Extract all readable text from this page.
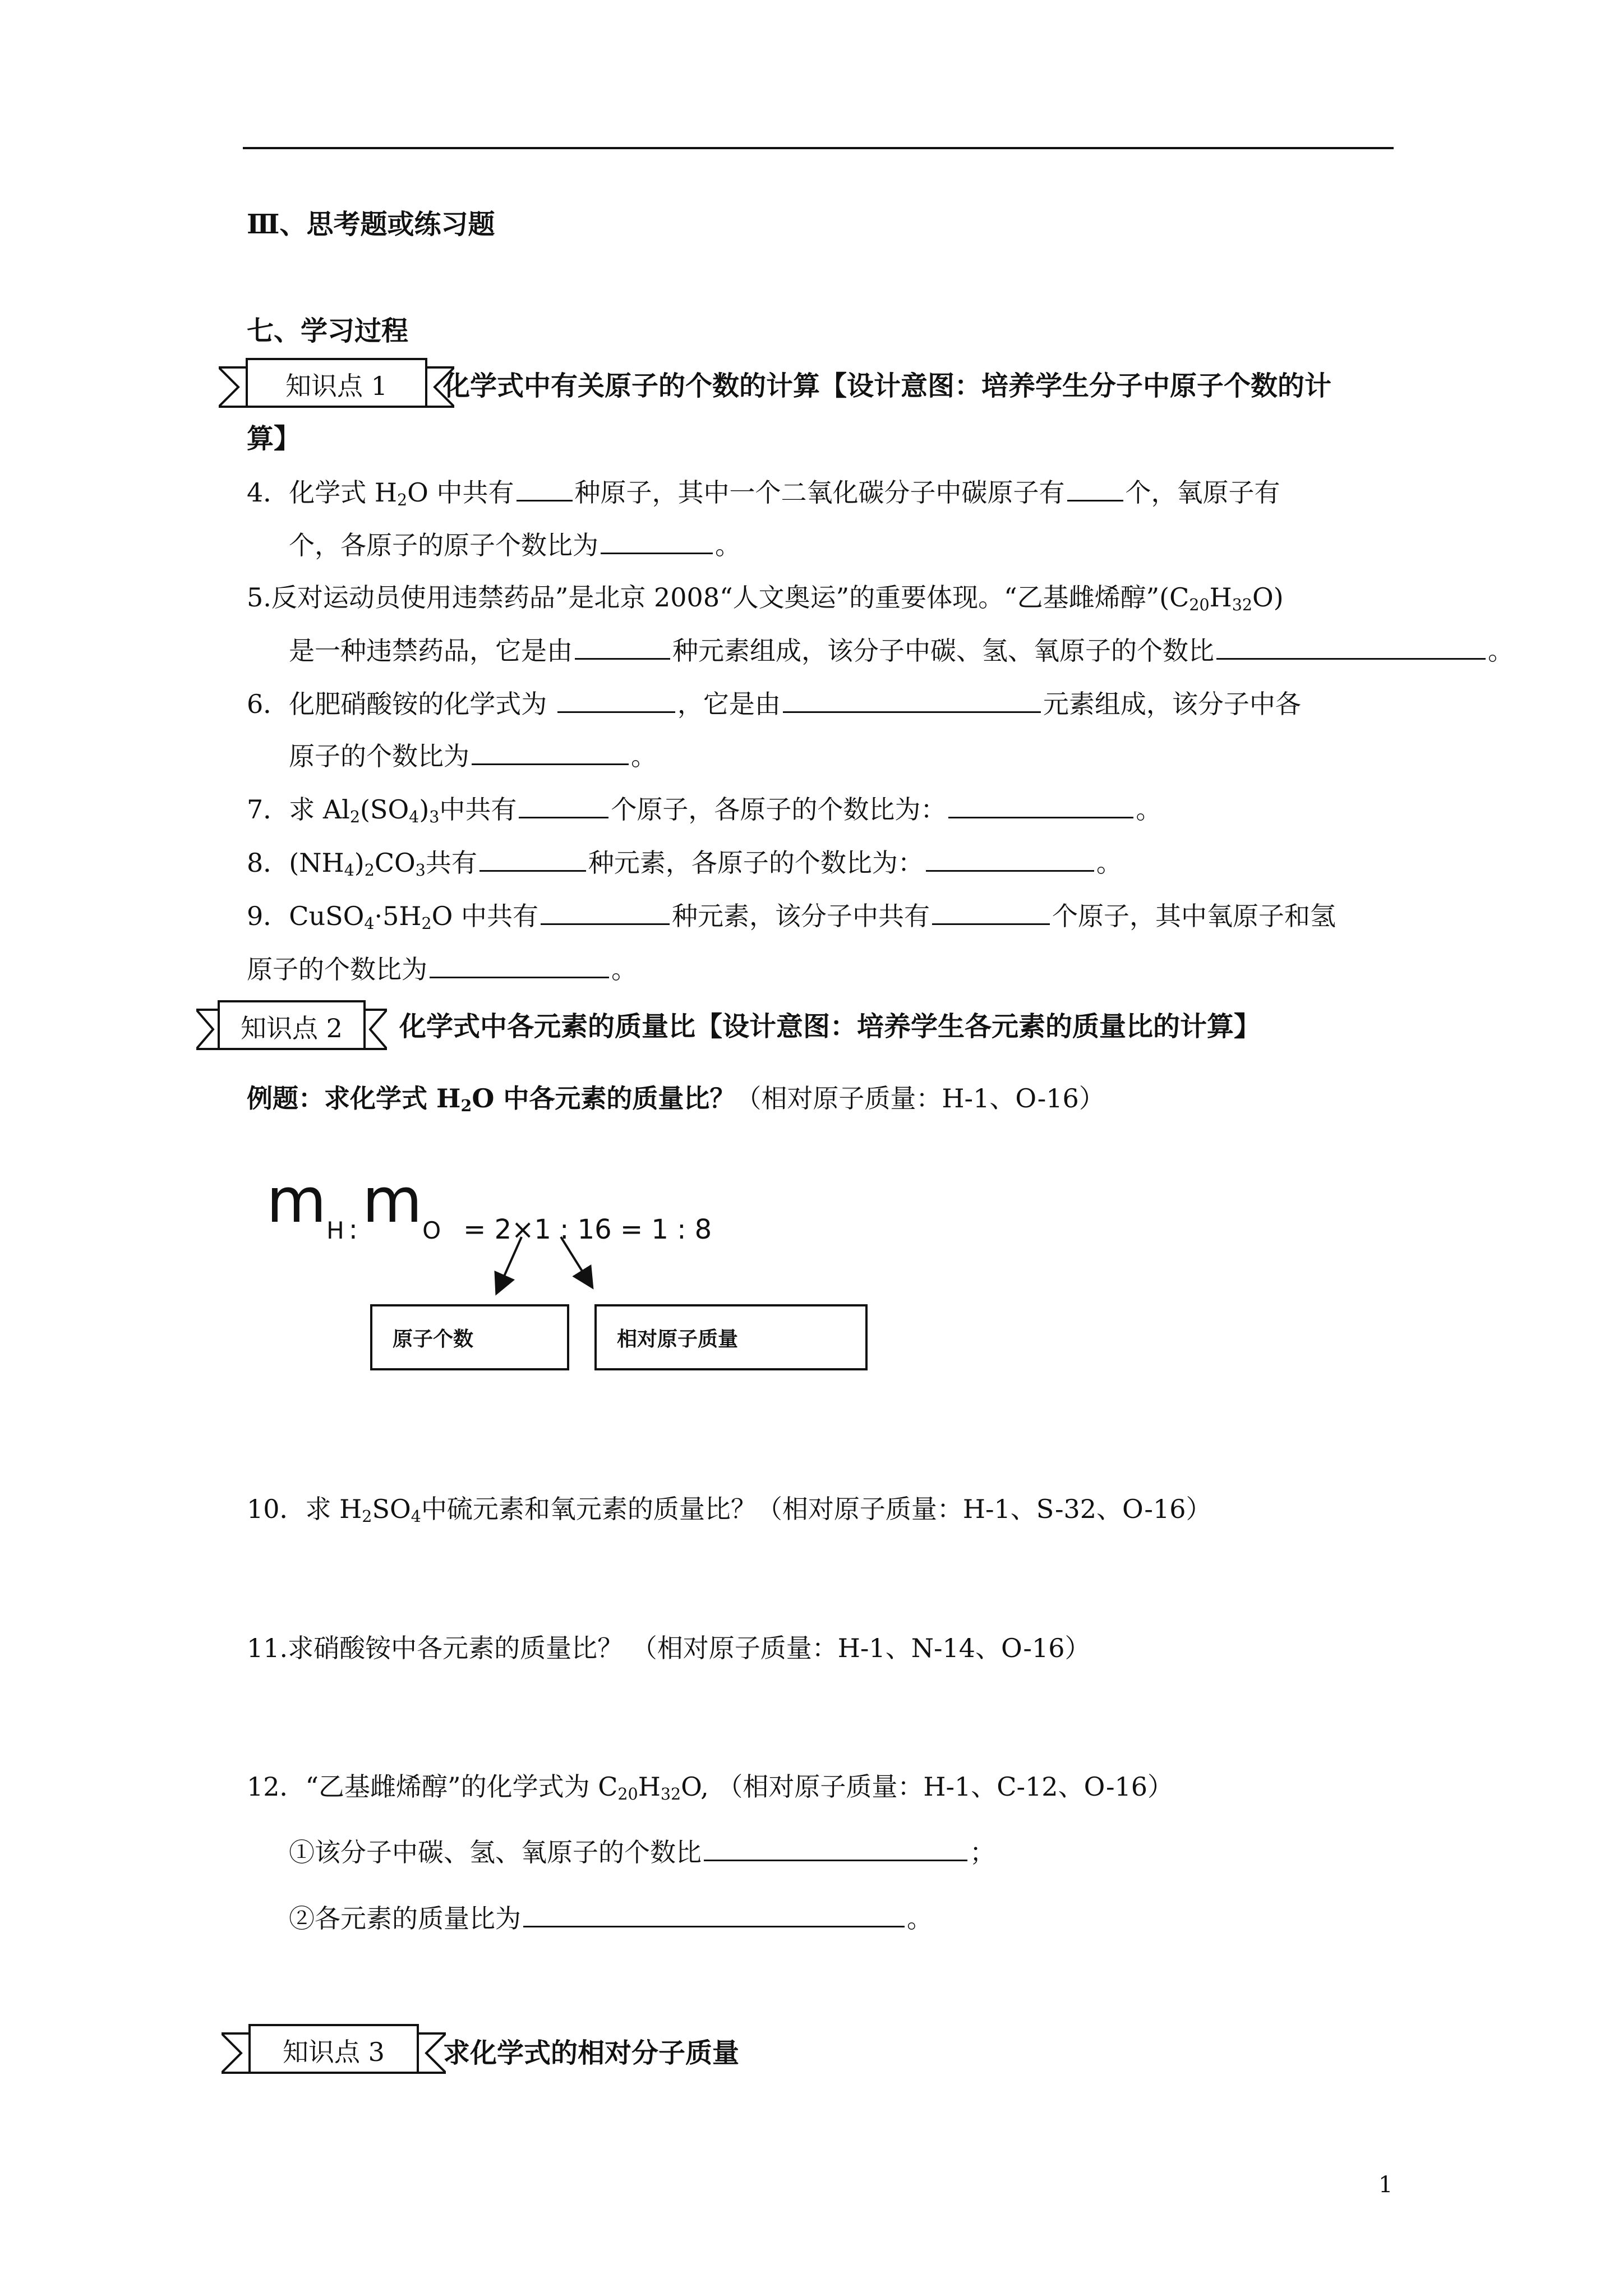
Ⅲ、思考题或练习题
七、学习过程
知识点 1	化学式中有关原子的个数的计算【设计意图：培养学生分子中原子个数的计
算】
4．化学式 $H_2O$ 中共有 种原子，其中一个二氧化碳分子中碳原子有 个，氧原子有
个，各原子的原子个数比为	。
5.反对运动员使用违禁药品”是北京 2008“人文奥运”的重要体现。“乙基雌烯醇$”(C_{20}H_{32}O)$
是一种违禁药品，它是由	种元素组成，该分子中碳、氢、氧原子的个数比	。
6．化肥硝酸铵的化学式为	，它是由	元素组成，该分子中各
原子的个数比为	。
7．求 $Al_2(SO_4)_3$中共有	个原子，各原子的个数比为：	。
8．$(NH_4)_2CO_3$共有	种元素，各原子的个数比为：	。
9．$CuSO_4\cdot 5H_2O$ 中共有	种元素，该分子中共有	个原子，其中氧原子和氢
原子的个数比为	。
知识点 2	化学式中各元素的质量比【设计意图：培养学生各元素的质量比的计算】
例题：求化学式 $H_2O$ 中各元素的质量比？（相对原子质量：H-1、O-16）
mH :mO = 2×1 : 16 = 1 : 8
原子个数	相对原子质量
10．求 $H_2SO_4$中硫元素和氧元素的质量比？（相对原子质量：H-1、S-32、O-16）
11.求硝酸铵中各元素的质量比？ （相对原子质量：H-1、N-14、O-16）
12．“乙基雌烯醇”的化学式为 $C_{20}H_{32}O$, （相对原子质量：H-1、C-12、O-16）
①该分子中碳、氢、氧原子的个数比	；
②各元素的质量比为	。
知识点 3	求化学式的相对分子质量
1
